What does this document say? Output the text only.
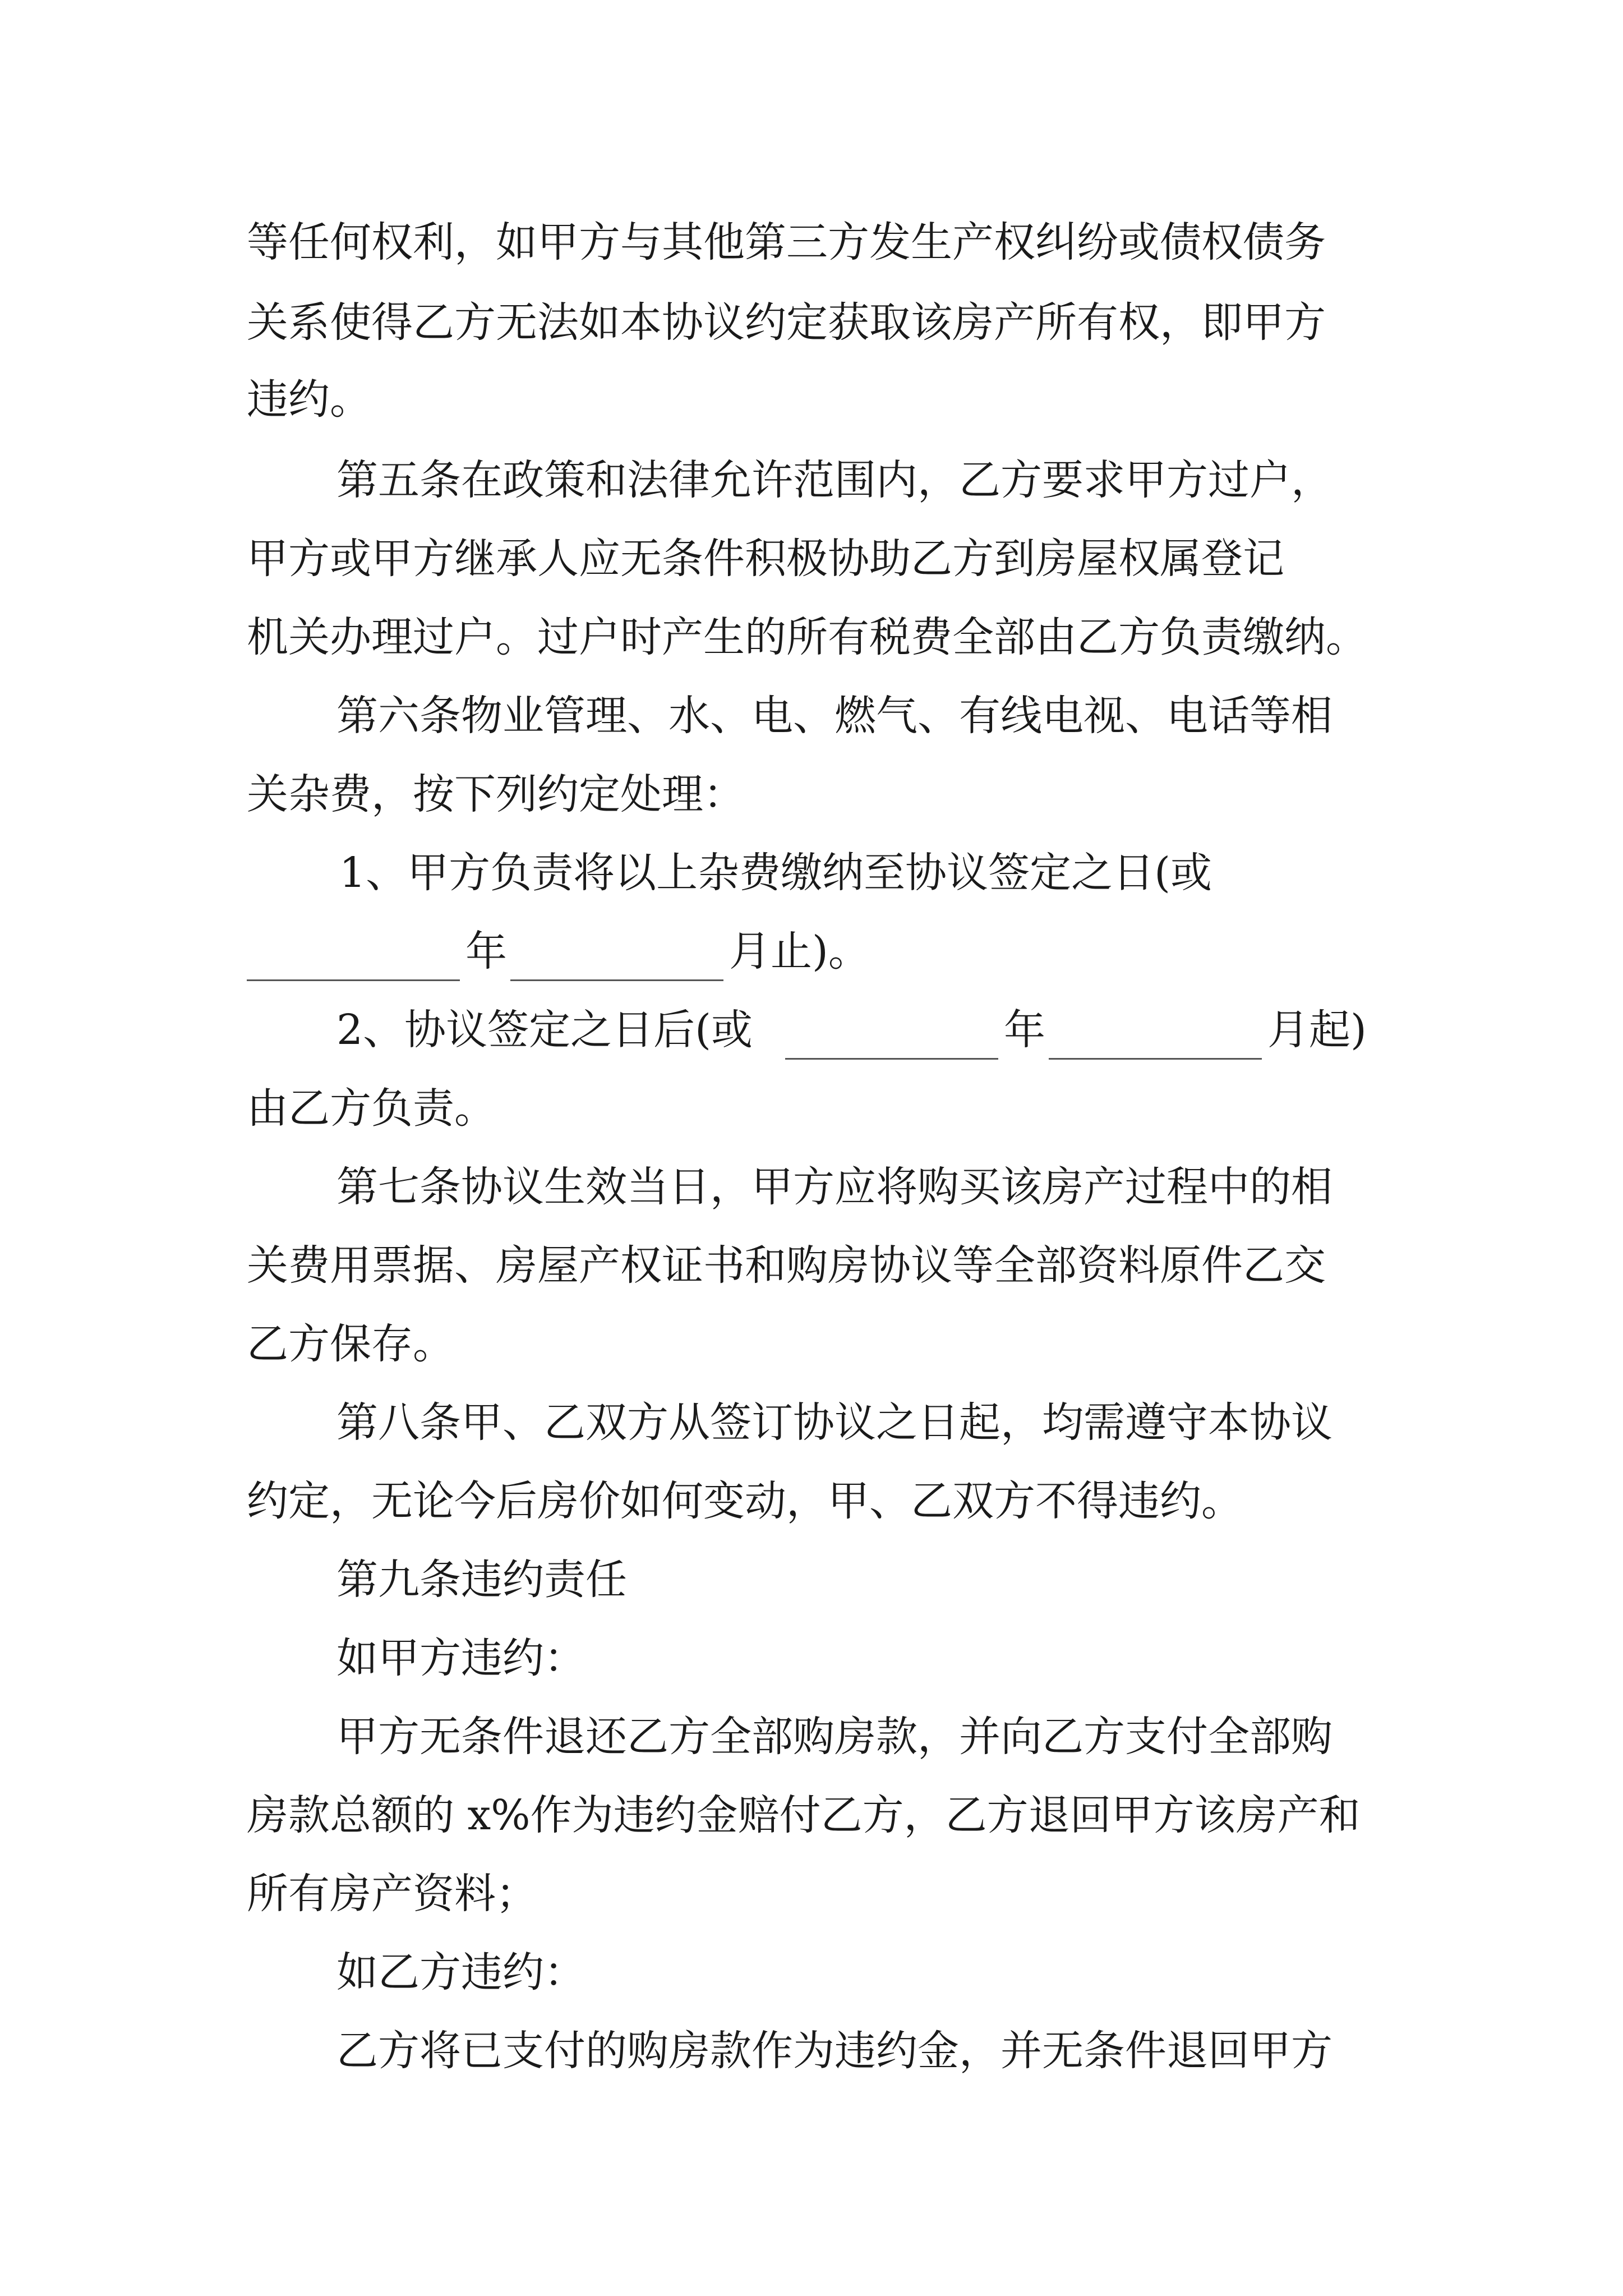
等任何权利，如甲方与其他第三方发生产权纠纷或债权债务
关系使得乙方无法如本协议约定获取该房产所有权，即甲方
违约。
第五条在政策和法律允许范围内，乙方要求甲方过户，
甲方或甲方继承人应无条件积极协助乙方到房屋权属登记
机关办理过户。过户时产生的所有税费全部由乙方负责缴纳。
第六条物业管理、水、电、燃气、有线电视、电话等相
关杂费，按下列约定处理：
1、甲方负责将以上杂费缴纳至协议签定之日(或
年	月止)。
2、协议签定之日后(或	年	月起)
由乙方负责。
第七条协议生效当日，甲方应将购买该房产过程中的相
关费用票据、房屋产权证书和购房协议等全部资料原件乙交
乙方保存。
第八条甲、乙双方从签订协议之日起，均需遵守本协议
约定，无论今后房价如何变动，甲、乙双方不得违约。
第九条违约责任
如甲方违约：
甲方无条件退还乙方全部购房款，并向乙方支付全部购
房款总额的 x%作为违约金赔付乙方，乙方退回甲方该房产和
所有房产资料；
如乙方违约：
乙方将已支付的购房款作为违约金，并无条件退回甲方
